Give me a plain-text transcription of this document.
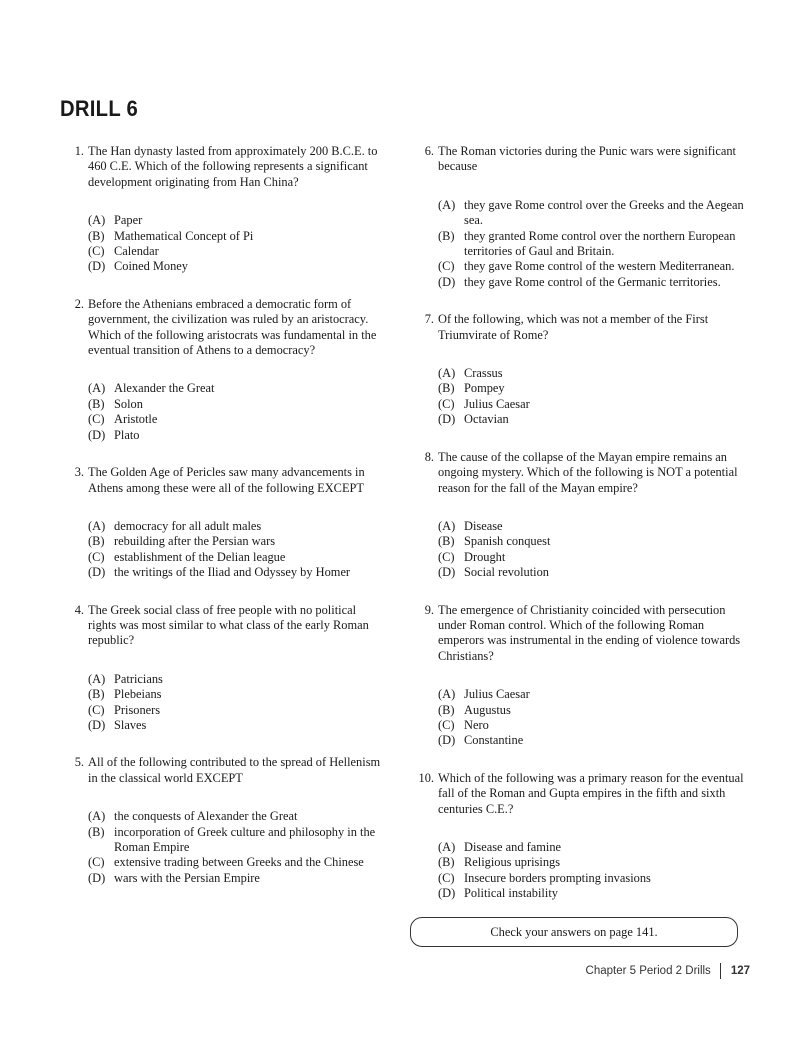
DRILL 6
1. The Han dynasty lasted from approximately 200 B.C.E. to 460 C.E. Which of the following represents a significant development originating from Han China?
(A) Paper
(B) Mathematical Concept of Pi
(C) Calendar
(D) Coined Money
2. Before the Athenians embraced a democratic form of government, the civilization was ruled by an aristocracy. Which of the following aristocrats was fundamental in the eventual transition of Athens to a democracy?
(A) Alexander the Great
(B) Solon
(C) Aristotle
(D) Plato
3. The Golden Age of Pericles saw many advancements in Athens among these were all of the following EXCEPT
(A) democracy for all adult males
(B) rebuilding after the Persian wars
(C) establishment of the Delian league
(D) the writings of the Iliad and Odyssey by Homer
4. The Greek social class of free people with no political rights was most similar to what class of the early Roman republic?
(A) Patricians
(B) Plebeians
(C) Prisoners
(D) Slaves
5. All of the following contributed to the spread of Hellenism in the classical world EXCEPT
(A) the conquests of Alexander the Great
(B) incorporation of Greek culture and philosophy in the Roman Empire
(C) extensive trading between Greeks and the Chinese
(D) wars with the Persian Empire
6. The Roman victories during the Punic wars were significant because
(A) they gave Rome control over the Greeks and the Aegean sea.
(B) they granted Rome control over the northern European territories of Gaul and Britain.
(C) they gave Rome control of the western Mediterranean.
(D) they gave Rome control of the Germanic territories.
7. Of the following, which was not a member of the First Triumvirate of Rome?
(A) Crassus
(B) Pompey
(C) Julius Caesar
(D) Octavian
8. The cause of the collapse of the Mayan empire remains an ongoing mystery. Which of the following is NOT a potential reason for the fall of the Mayan empire?
(A) Disease
(B) Spanish conquest
(C) Drought
(D) Social revolution
9. The emergence of Christianity coincided with persecution under Roman control. Which of the following Roman emperors was instrumental in the ending of violence towards Christians?
(A) Julius Caesar
(B) Augustus
(C) Nero
(D) Constantine
10. Which of the following was a primary reason for the eventual fall of the Roman and Gupta empires in the fifth and sixth centuries C.E.?
(A) Disease and famine
(B) Religious uprisings
(C) Insecure borders prompting invasions
(D) Political instability
Check your answers on page 141.
Chapter 5 Period 2 Drills 127
